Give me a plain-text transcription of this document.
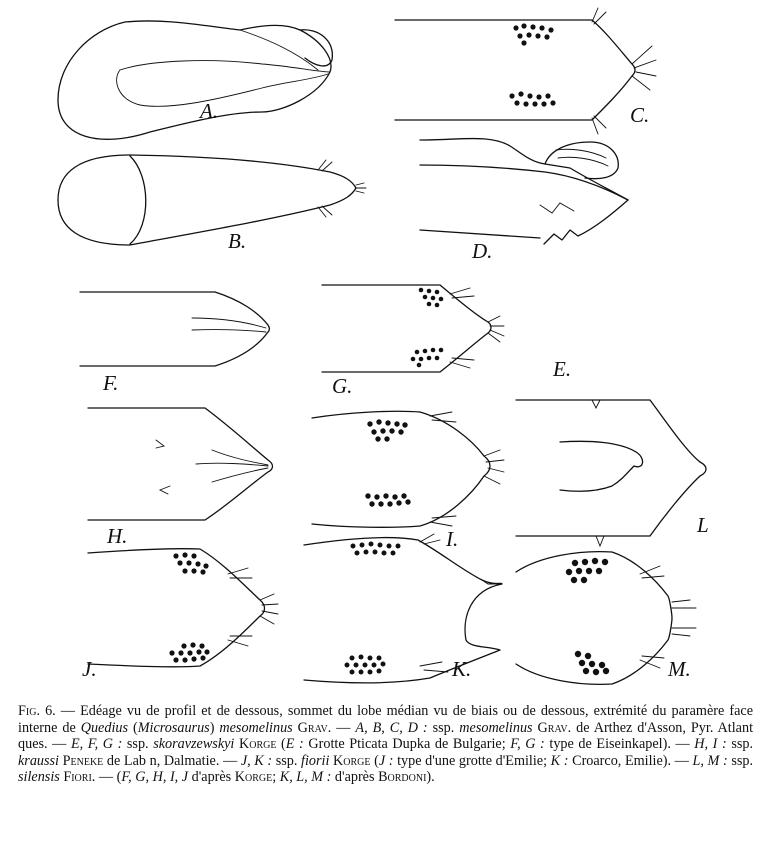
A.
B.
C.
D.
F.	G.
E.
H.	I.
L
J.	K.	M.

Fig. 6. — Edéage vu de profil et de dessous, sommet du lobe médian vu de biais ou de dessous, extrémité du paramère face interne de Quedius (Microsaurus) mesomelinus Grav. — A, B, C, D : ssp. mesomelinus Grav. de Arthez d'Asson, Pyr. Atlant ques. — E, F, G : ssp. skoravzewskyi Korge (E : Grotte Pticata Dupka de Bulgarie; F, G : type de Eiseinkapel). — H, I : ssp. kraussi Peneke de Lab n, Dalmatie. — J, K : ssp. fiorii Korge (J : type d'une grotte d'Emilie; K : Croarco, Emilie). — L, M : ssp. silensis Fiori. — (F, G, H, I, J d'après Korge; K, L, M : d'après Bordoni).
